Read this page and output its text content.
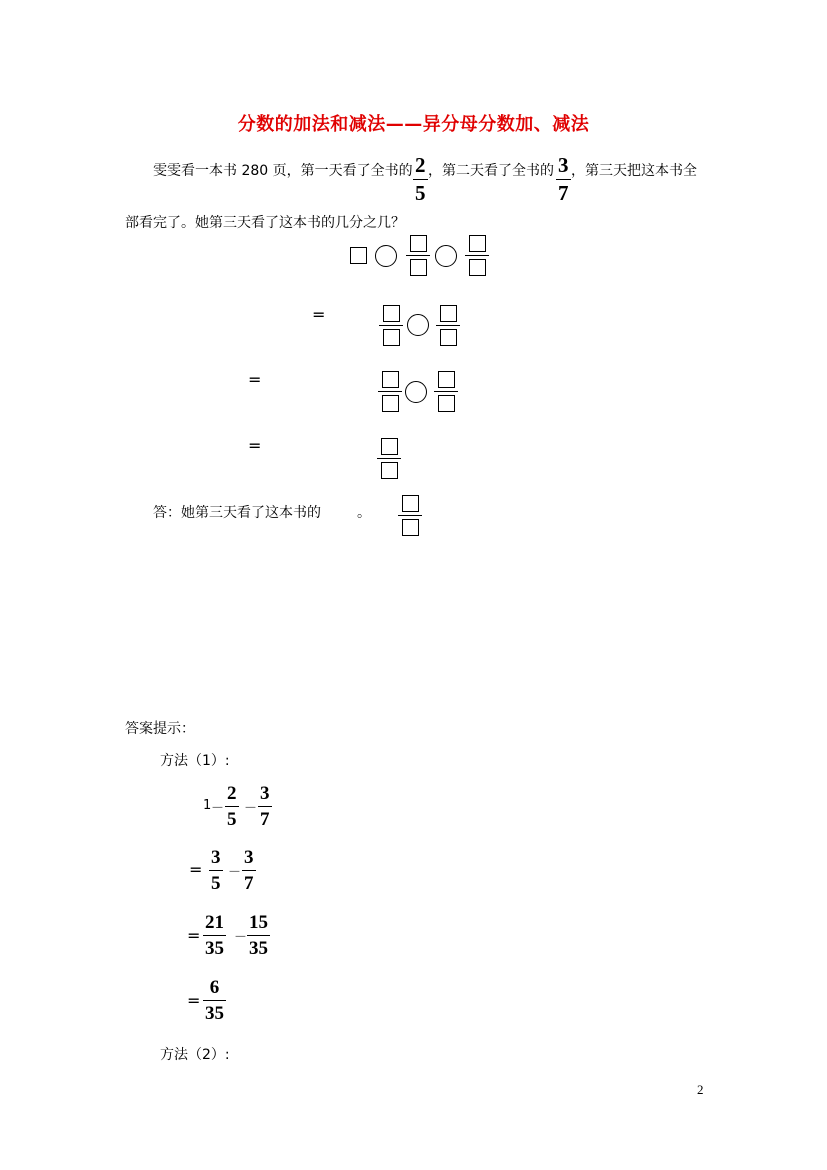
分数的加法和减法——异分母分数加、减法
雯雯看一本书 280 页，第一天看了全书的 $\frac{2}{5}$ ，第二天看了全书的 $\frac{3}{7}$ ，第三天把这本书全
部看完了。她第三天看了这本书的几分之几？
=
=
=
答：她第三天看了这本书的	。
答案提示：
方法（1）:
$1 - \frac{2}{5} - \frac{3}{7}$
= $\frac{3}{5} - \frac{3}{7}$
= $\frac{21}{35} - \frac{15}{35}$
= $\frac{6}{35}$
方法（2）:
2
